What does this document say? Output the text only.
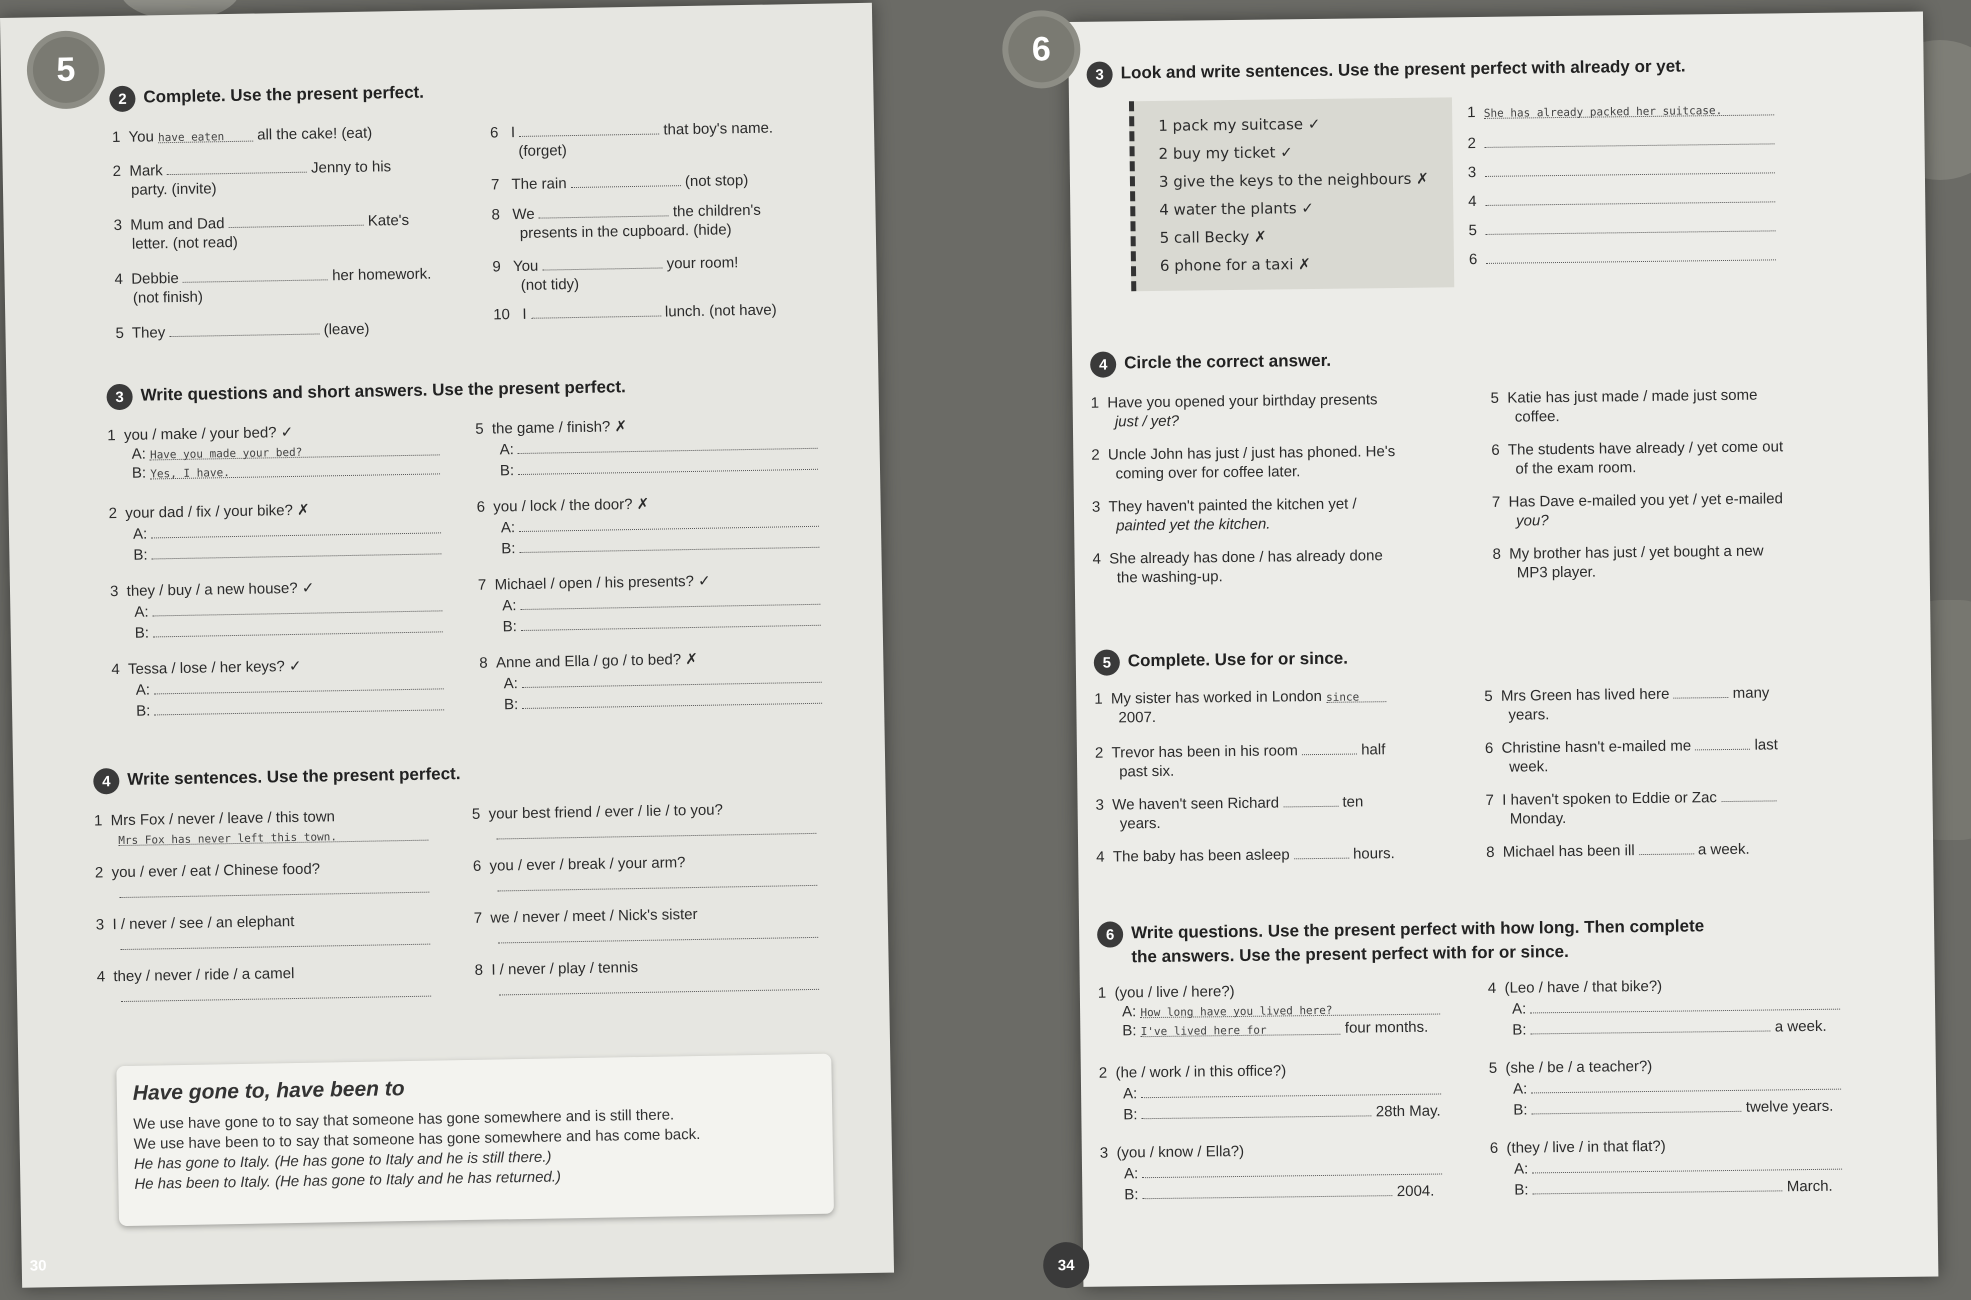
5
2 Complete. Use the present perfect.
1 You have eaten all the cake! (eat)
2 Mark	Jenny to his
party. (invite)
3 Mum and Dad	Kate's
letter. (not read)
4 Debbie	her homework.
(not finish)
5 They	(leave)
6 I	that boy's name.
(forget)
7 The rain	(not stop)
8 We	the children's
presents in the cupboard. (hide)
9 You	your room!
(not tidy)
10 I	lunch. (not have)
3 Write questions and short answers. Use the present perfect.
1 you / make / your bed? ✓
A: Have you made your bed?
B: Yes, I have.
2 your dad / fix / your bike? ✗
A:
B:
3 they / buy / a new house? ✓
A:
B:
4 Tessa / lose / her keys? ✓
A:
B:
5 the game / finish? ✗
A:
B:
6 you / lock / the door? ✗
A:
B:
7 Michael / open / his presents? ✓
A:
B:
8 Anne and Ella / go / to bed? ✗
A:
B:
4 Write sentences. Use the present perfect.
1 Mrs Fox / never / leave / this town
Mrs Fox has never left this town.
2 you / ever / eat / Chinese food?
3 I / never / see / an elephant
4 they / never / ride / a camel
5 your best friend / ever / lie / to you?
6 you / ever / break / your arm?
7 we / never / meet / Nick's sister
8 I / never / play / tennis
Have gone to, have been to

We use have gone to to say that someone has gone somewhere and is still there.

We use have been to to say that someone has gone somewhere and has come back.

He has gone to Italy. (He has gone to Italy and he is still there.)

He has been to Italy. (He has gone to Italy and he has returned.)

30
6
3 Look and write sentences. Use the present perfect with already or yet.
1 pack my suitcase ✓
2 buy my ticket ✓
3 give the keys to the neighbours ✗
4 water the plants ✓
5 call Becky ✗
6 phone for a taxi ✗
1 She has already packed her suitcase.
2
3
4
5
6
4 Circle the correct answer.
1 Have you opened your birthday presents
just / yet?
2 Uncle John has just / just has phoned. He's
coming over for coffee later.
3 They haven't painted the kitchen yet /
painted yet the kitchen.
4 She already has done / has already done
the washing-up.
5 Katie has just made / made just some
coffee.
6 The students have already / yet come out
of the exam room.
7 Has Dave e-mailed you yet / yet e-mailed
you?
8 My brother has just / yet bought a new
MP3 player.
5 Complete. Use for or since.
1 My sister has worked in London since
2007.
2 Trevor has been in his room	half
past six.
3 We haven't seen Richard	ten
years.
4 The baby has been asleep	hours.
5 Mrs Green has lived here	many
years.
6 Christine hasn't e-mailed me	last
week.
7 I haven't spoken to Eddie or Zac
Monday.
8 Michael has been ill	a week.
6 Write questions. Use the present perfect with how long. Then complete
the answers. Use the present perfect with for or since.
1 (you / live / here?)
A: How long have you lived here?
B: I've lived here for	four months.
2 (he / work / in this office?)
A:
B:	28th May.
3 (you / know / Ella?)
A:
B:	2004.
4 (Leo / have / that bike?)
A:
B:	a week.
5 (she / be / a teacher?)
A:
B:	twelve years.
6 (they / live / in that flat?)
A:
B:	March.
34
